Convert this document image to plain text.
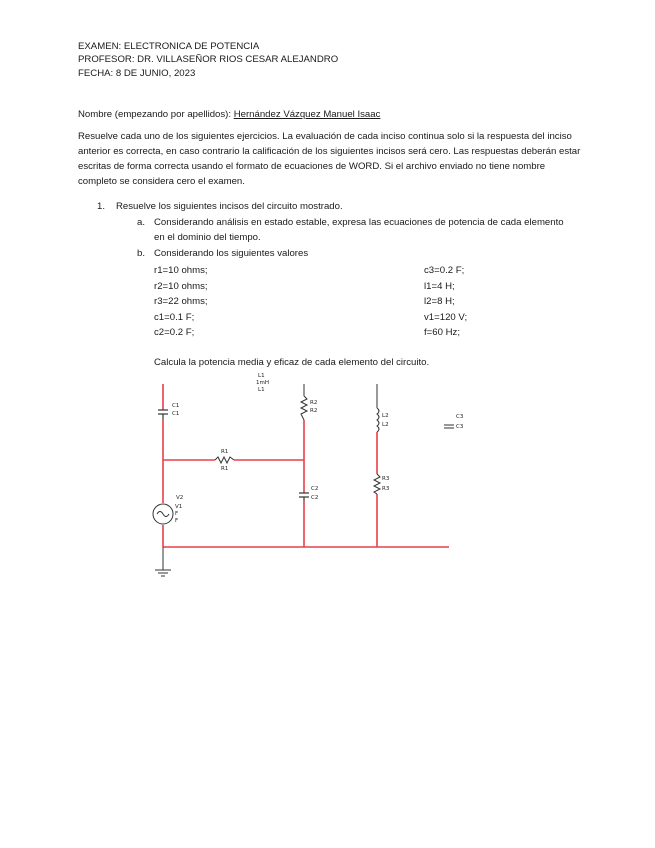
EXAMEN: ELECTRONICA DE POTENCIA
PROFESOR: DR. VILLASEÑOR RIOS CESAR ALEJANDRO
FECHA: 8 DE JUNIO, 2023
Nombre (empezando por apellidos): Hernández Vázquez Manuel Isaac

Resuelve cada uno de los siguientes ejercicios. La evaluación de cada inciso continua solo si la respuesta del inciso anterior es correcta, en caso contrario la calificación de los siguientes incisos será cero. Las respuestas deberán estar escritas de forma correcta usando el formato de ecuaciones de WORD. Si el archivo enviado no tiene nombre completo se considera cero el examen.

1. Resuelve los siguientes incisos del circuito mostrado.
a. Considerando análisis en estado estable, expresa las ecuaciones de potencia de cada elemento en el dominio del tiempo.
b. Considerando los siguientes valores
r1=10 ohms;	c3=0.2 F;
r2=10 ohms;	l1=4 H;
r3=22 ohms;	l2=8 H;
c1=0.1 F;	v1=120 V;
c2=0.2 F;	f=60 Hz;
Calcula la potencia media y eficaz de cada elemento del circuito.
L1
1mH
L1
C1
C1
R2
R2
L2
L2
C3
C3
R1
R1
R3
R3
C2
C2
V2
V1
F
F
